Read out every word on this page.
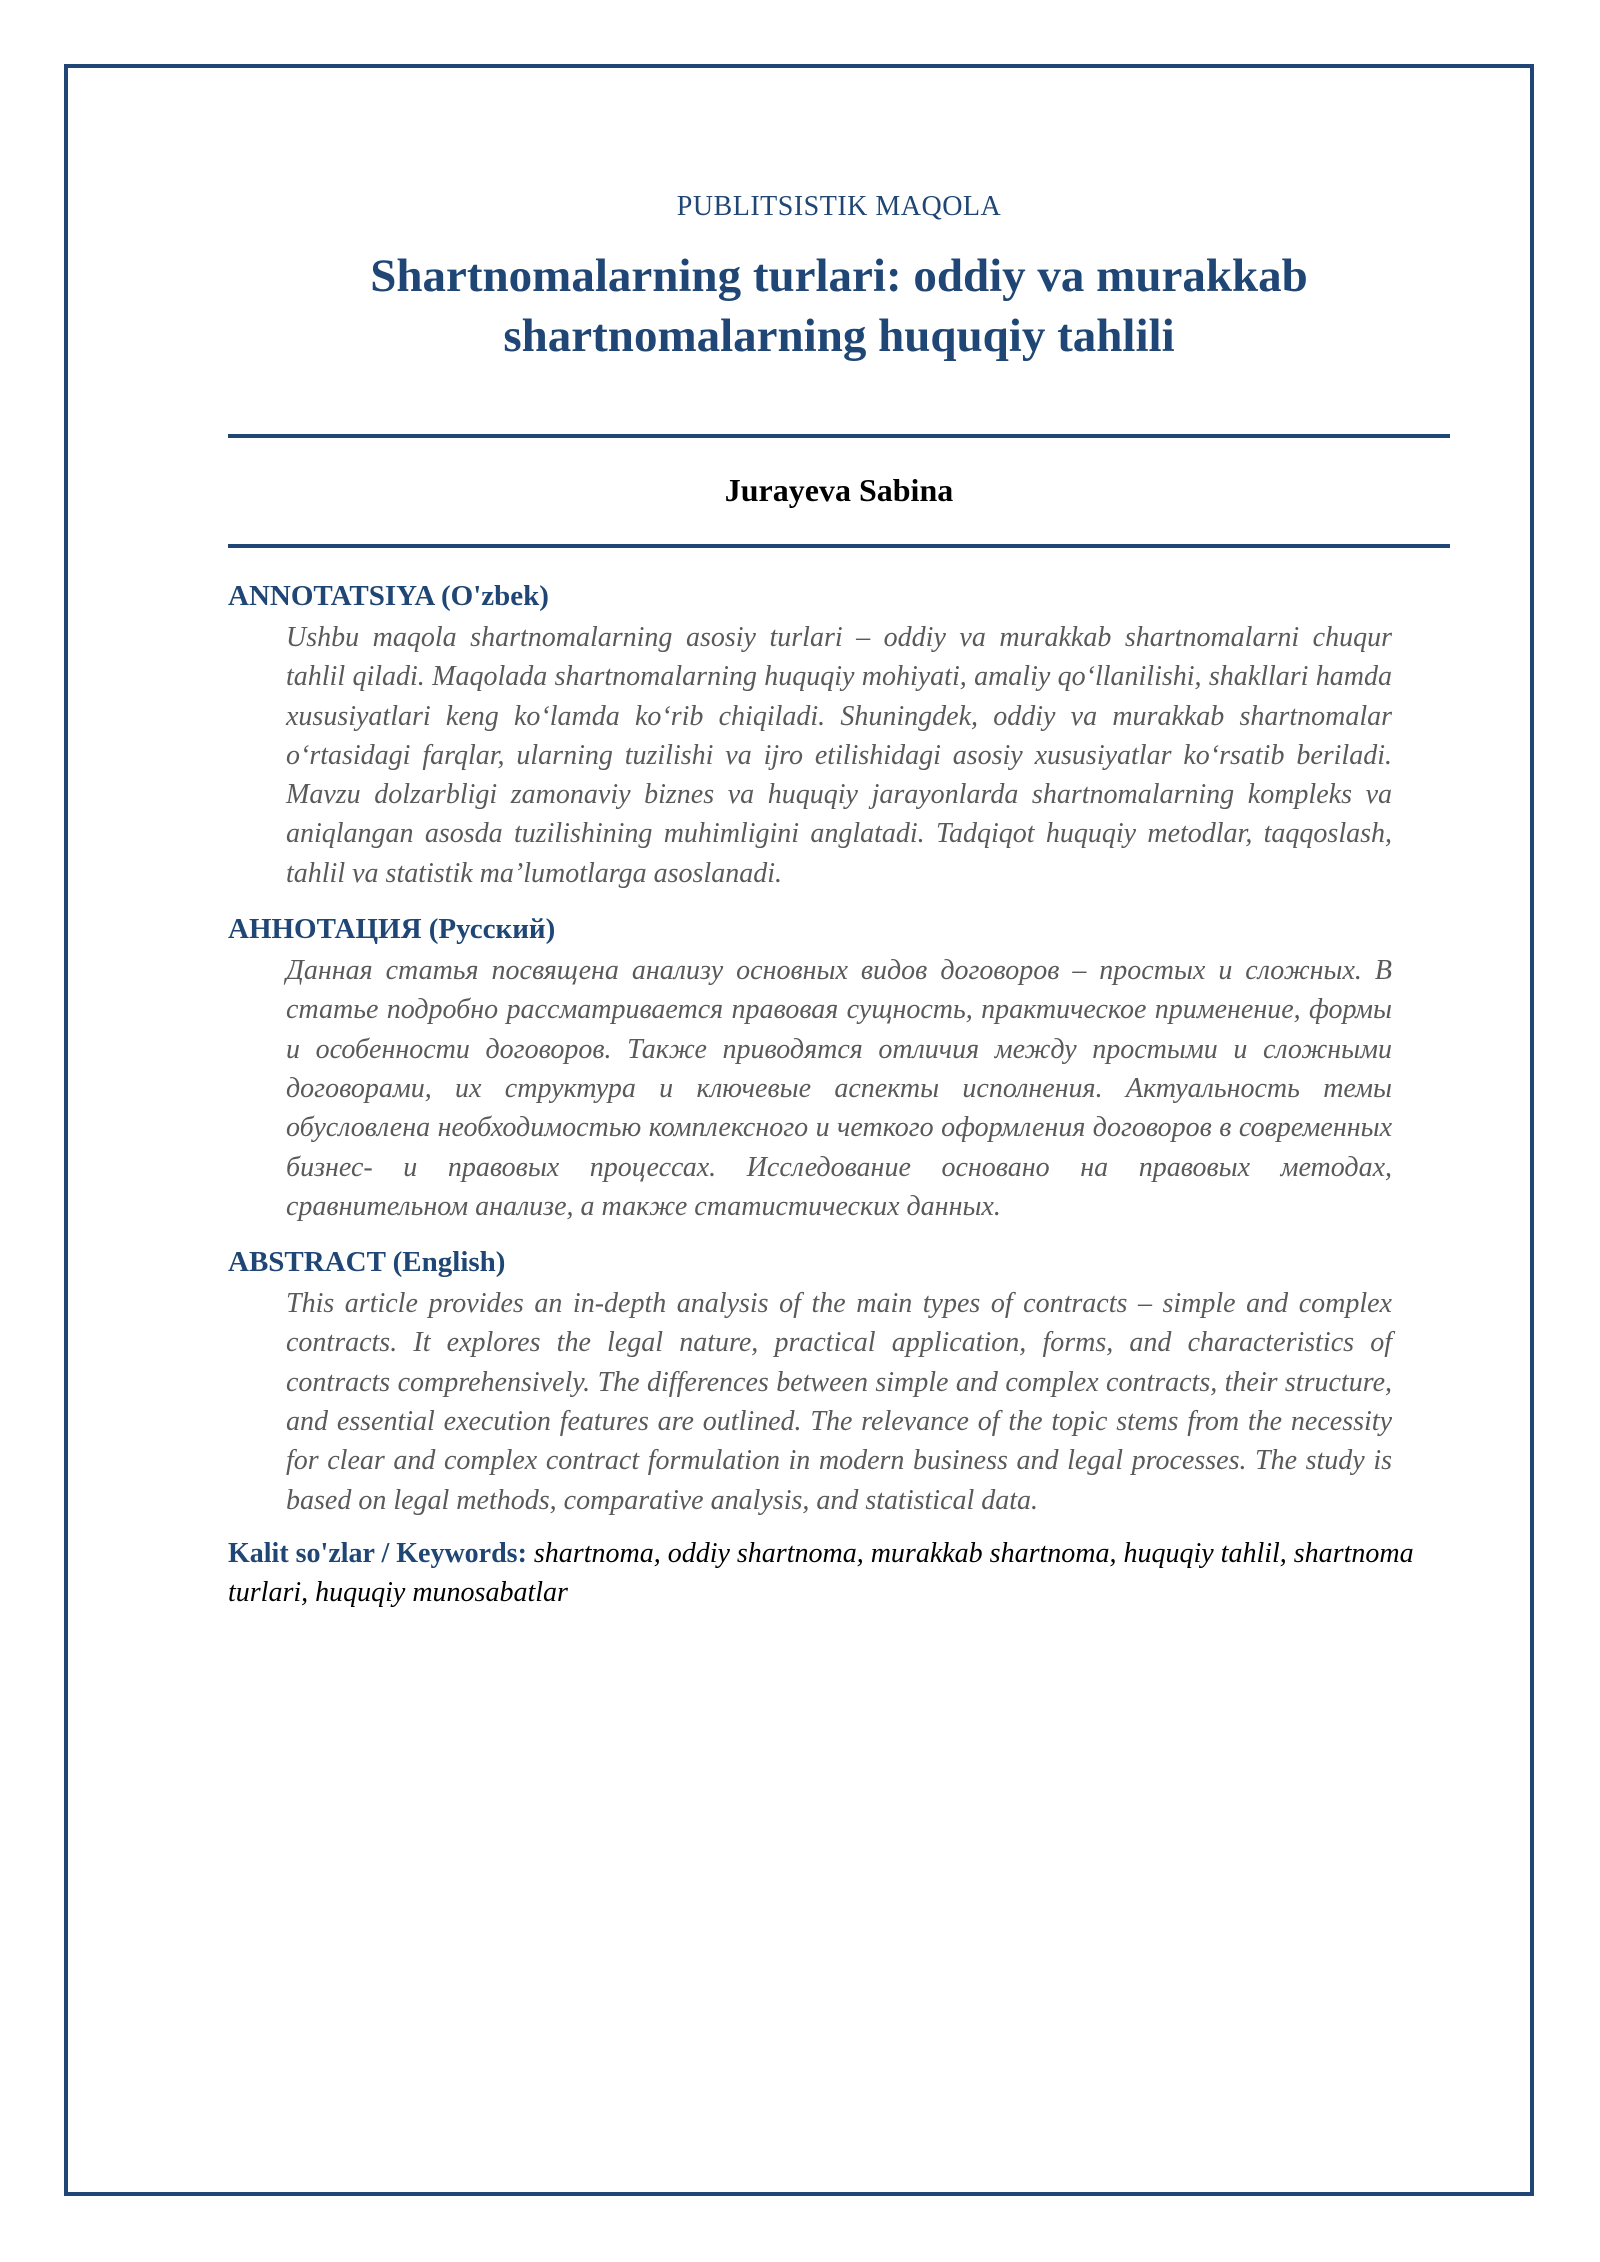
PUBLITSISTIK MAQOLA

Shartnomalarning turlari: oddiy va murakkab
shartnomalarning huquqiy tahlili
Jurayeva Sabina
ANNOTATSIYA (O'zbek)

Ushbu maqola shartnomalarning asosiy turlari – oddiy va murakkab shartnomalarni chuqur tahlil qiladi. Maqolada shartnomalarning huquqiy mohiyati, amaliy qoʻllanilishi, shakllari hamda xususiyatlari keng koʻlamda koʻrib chiqiladi. Shuningdek, oddiy va murakkab shartnomalar oʻrtasidagi farqlar, ularning tuzilishi va ijro etilishidagi asosiy xususiyatlar koʻrsatib beriladi. Mavzu dolzarbligi zamonaviy biznes va huquqiy jarayonlarda shartnomalarning kompleks va aniqlangan asosda tuzilishining muhimligini anglatadi. Tadqiqot huquqiy metodlar, taqqoslash, tahlil va statistik maʼlumotlarga asoslanadi.

АННОТАЦИЯ (Русский)

Данная статья посвящена анализу основных видов договоров – простых и сложных. В статье подробно рассматривается правовая сущность, практическое применение, формы и особенности договоров. Также приводятся отличия между простыми и сложными договорами, их структура и ключевые аспекты исполнения. Актуальность темы обусловлена необходимостью комплексного и четкого оформления договоров в современных бизнес- и правовых процессах. Исследование основано на правовых методах, сравнительном анализе, а также статистических данных.

ABSTRACT (English)

This article provides an in-depth analysis of the main types of contracts – simple and complex contracts. It explores the legal nature, practical application, forms, and characteristics of contracts comprehensively. The differences between simple and complex contracts, their structure, and essential execution features are outlined. The relevance of the topic stems from the necessity for clear and complex contract formulation in modern business and legal processes. The study is based on legal methods, comparative analysis, and statistical data.

Kalit so'zlar / Keywords: shartnoma, oddiy shartnoma, murakkab shartnoma, huquqiy tahlil, shartnoma turlari, huquqiy munosabatlar
